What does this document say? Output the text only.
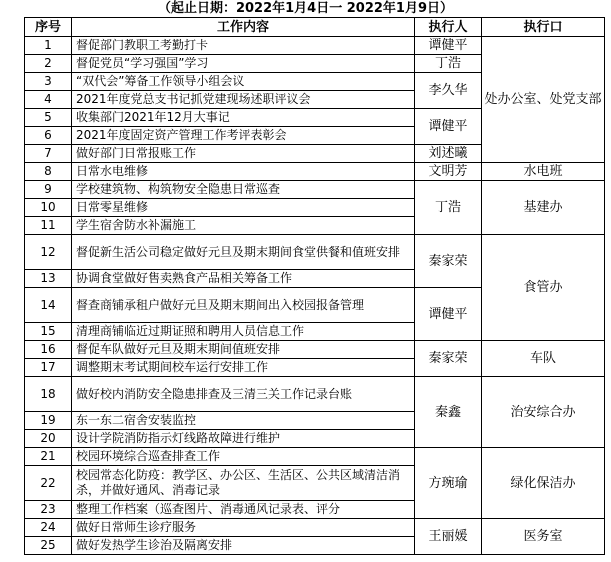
（起止日期：2022年1月4日一 2022年1月9日）
序号	工作内容	执行人	执行口
1	督促部门教职工考勤打卡	谭健平	处办公室、处党支部
2	督促党员“学习强国”学习	丁浩	
3	“双代会”筹备工作领导小组会议	李久华	
4	2021年度党总支书记抓党建现场述职评议会		
5	收集部门2021年12月大事记	谭健平	
6	2021年度固定资产管理工作考评表彰会		
7	做好部门日常报账工作	刘述曦	
8	日常水电维修	文明芳	水电班
9	学校建筑物、构筑物安全隐患日常巡查	丁浩	基建办
10	日常零星维修		
11	学生宿舍防水补漏施工		
12	督促新生活公司稳定做好元旦及期末期间食堂供餐和值班安排	秦家荣	食管办
13	协调食堂做好售卖熟食产品相关筹备工作		
14	督查商铺承租户做好元旦及期末期间出入校园报备管理	谭健平	
15	清理商铺临近过期证照和聘用人员信息工作		
16	督促车队做好元旦及期末期间值班安排	秦家荣	车队
17	调整期末考试期间校车运行安排工作		
18	做好校内消防安全隐患排查及三清三关工作记录台账	秦鑫	治安综合办
19	东一东二宿舍安装监控		
20	设计学院消防指示灯线路故障进行维护		
21	校园环境综合巡查排查工作	方琬瑜	绿化保洁办
22	校园常态化防疫：教学区、办公区、生活区、公共区域清洁消杀，并做好通风、消毒记录		
23	整理工作档案（巡查图片、消毒通风记录表、评分		
24	做好日常师生诊疗服务	王丽媛	医务室
25	做好发热学生诊治及隔离安排		
